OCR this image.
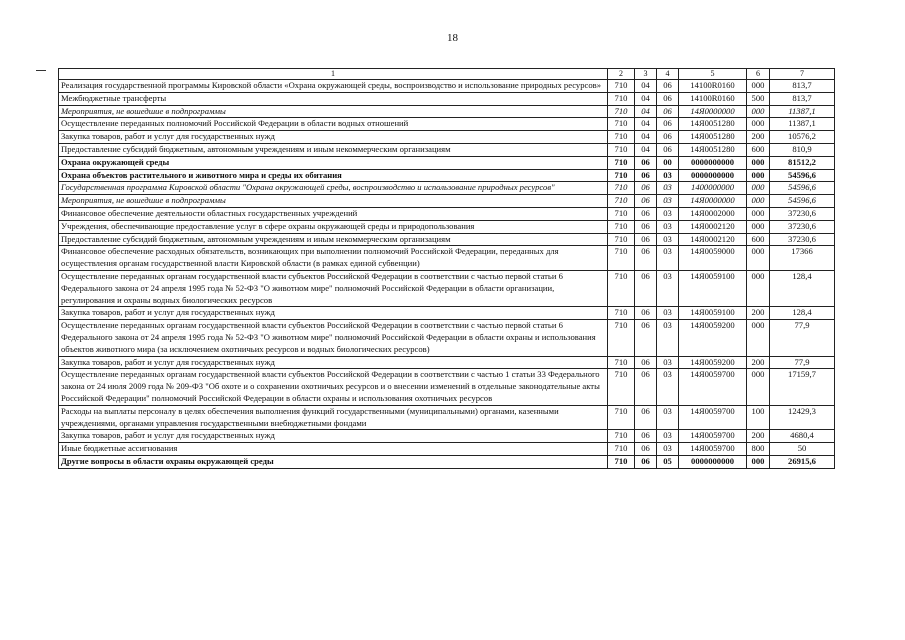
18
1	2	3	4	5	6	7
Реализация государственной программы Кировской области «Охрана окружающей среды, воспроизводство и использование природных ресурсов»	710	04	06	14100R0160	000	813,7
Межбюджетные трансферты	710	04	06	14100R0160	500	813,7
Мероприятия, не вошедшие в подпрограммы	710	04	06	14Я0000000	000	11387,1
Осуществление переданных полномочий Российской Федерации в области водных отношений	710	04	06	14Я0051280	000	11387,1
Закупка товаров, работ и услуг для государственных нужд	710	04	06	14Я0051280	200	10576,2
Предоставление субсидий бюджетным, автономным учреждениям и иным некоммерческим организациям	710	04	06	14Я0051280	600	810,9
Охрана окружающей среды	710	06	00	0000000000	000	81512,2
Охрана объектов растительного и животного мира и среды их обитания	710	06	03	0000000000	000	54596,6
Государственная программа Кировской области "Охрана окружающей среды, воспроизводство и использование природных ресурсов"	710	06	03	1400000000	000	54596,6
Мероприятия, не вошедшие в подпрограммы	710	06	03	14Я0000000	000	54596,6
Финансовое обеспечение деятельности областных государственных учреждений	710	06	03	14Я0002000	000	37230,6
Учреждения, обеспечивающие предоставление услуг в сфере охраны окружающей среды и природопользования	710	06	03	14Я0002120	000	37230,6
Предоставление субсидий бюджетным, автономным учреждениям и иным некоммерческим организациям	710	06	03	14Я0002120	600	37230,6
Финансовое обеспечение расходных обязательств, возникающих при выполнении полномочий Российской Федерации, переданных для осуществления органам государственной власти Кировской области (в рамках единой субвенции)	710	06	03	14Я0059000	000	17366
Осуществление переданных органам государственной власти субъектов Российской Федерации в соответствии с частью первой статьи 6 Федерального закона от 24 апреля 1995 года № 52-ФЗ "О животном мире" полномочий Российской Федерации в области организации, регулирования и охраны водных биологических ресурсов	710	06	03	14Я0059100	000	128,4
Закупка товаров, работ и услуг для государственных нужд	710	06	03	14Я0059100	200	128,4
Осуществление переданных органам государственной власти субъектов Российской Федерации в соответствии с частью первой статьи 6 Федерального закона от 24 апреля 1995 года № 52-ФЗ "О животном мире" полномочий Российской Федерации в области охраны и использования объектов животного мира (за исключением охотничьих ресурсов и водных биологических ресурсов)	710	06	03	14Я0059200	000	77,9
Закупка товаров, работ и услуг для государственных нужд	710	06	03	14Я0059200	200	77,9
Осуществление переданных органам государственной власти субъектов Российской Федерации в соответствии с частью 1 статьи 33 Федерального закона от 24 июля 2009 года № 209-ФЗ "Об охоте и о сохранении охотничьих ресурсов и о внесении изменений в отдельные законодательные акты Российской Федерации" полномочий Российской Федерации в области охраны и использования охотничьих ресурсов	710	06	03	14Я0059700	000	17159,7
Расходы на выплаты персоналу в целях обеспечения выполнения функций государственными (муниципальными) органами, казенными учреждениями, органами управления государственными внебюджетными фондами	710	06	03	14Я0059700	100	12429,3
Закупка товаров, работ и услуг для государственных нужд	710	06	03	14Я0059700	200	4680,4
Иные бюджетные ассигнования	710	06	03	14Я0059700	800	50
Другие вопросы в области охраны окружающей среды	710	06	05	0000000000	000	26915,6
